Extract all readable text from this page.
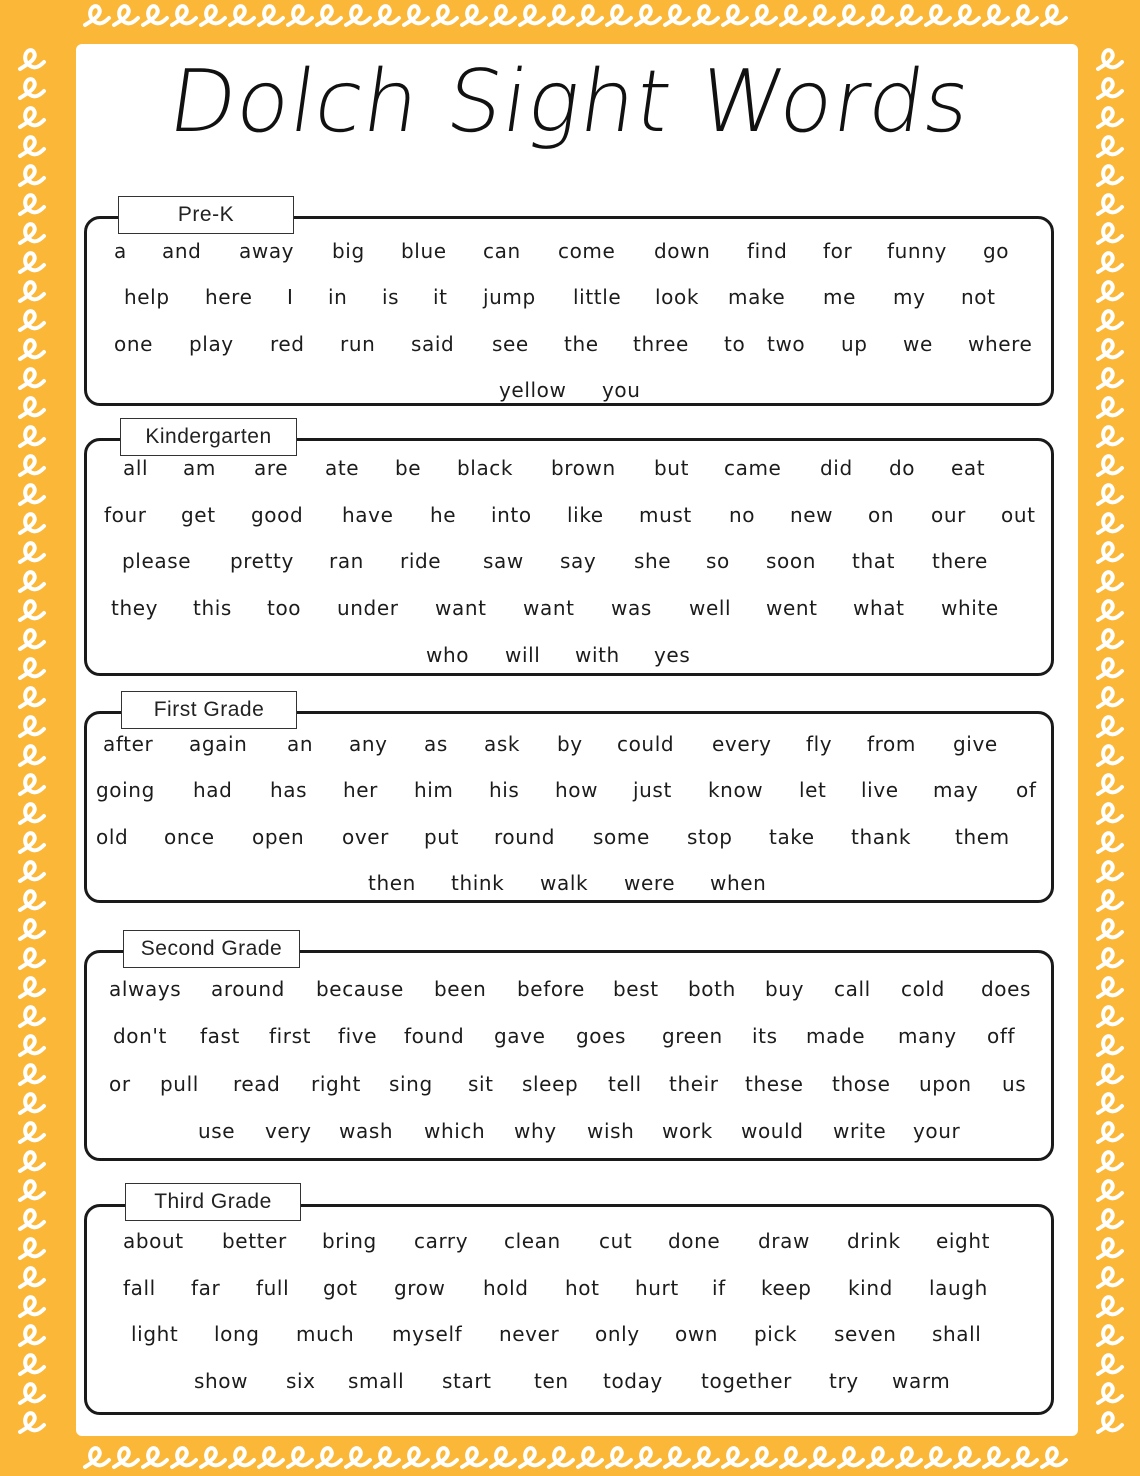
Dolch Sight Words
Pre-K
a and away big blue can come down find for funny go
help here I in is it jump little look make me my not
one play red run said see the three to two up we where
yellow you
Kindergarten
all am are ate be black brown but came did do eat
four get good have he into like must no new on our out
please pretty ran ride saw say she so soon that there
they this too under want want was well went what white
who will with yes
First Grade
after again an any as ask by could every fly from give
going had has her him his how just know let live may of
old once open over put round some stop take thank them
then think walk were when
Second Grade
always around because been before best both buy call cold does
don't fast first five found gave goes green its made many off
or pull read right sing sit sleep tell their these those upon us
use very wash which why wish work would write your
Third Grade
about better bring carry clean cut done draw drink eight
fall far full got grow hold hot hurt if keep kind laugh
light long much myself never only own pick seven shall
show six small start ten today together try warm
